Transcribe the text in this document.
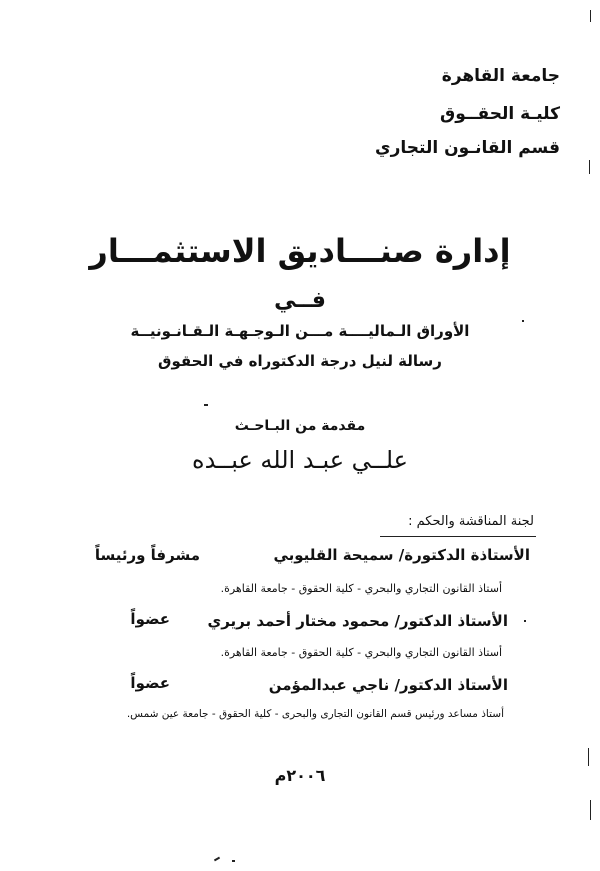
جامعة القاهرة
كليـة الحقــوق
قسم القانـون التجاري
إدارة صنـــاديق الاستثمـــار
فــي
الأوراق الـماليــــة مـــن الـوجـهـة الـقـانـونيــة
رسالة لنيل درجة الدكتوراه في الحقوق
مقدمة من البـاحـث
علــي عبـد الله عبــده
لجنة المناقشة والحكم :
الأستاذة الدكتورة/ سميحة القليوبي
مشرفاً ورئيساً
أستاذ القانون التجاري والبحري - كلية الحقوق - جامعة القاهرة.
الأستاذ الدكتور/ محمود مختار أحمد بريري
عضواً
أستاذ القانون التجاري والبحري - كلية الحقوق - جامعة القاهرة.
الأستاذ الدكتور/ ناجي عبدالمؤمن
عضواً
أستاذ مساعد ورئيس قسم القانون التجارى والبحرى - كلية الحقوق - جامعة عين شمس.
٢٠٠٦م
